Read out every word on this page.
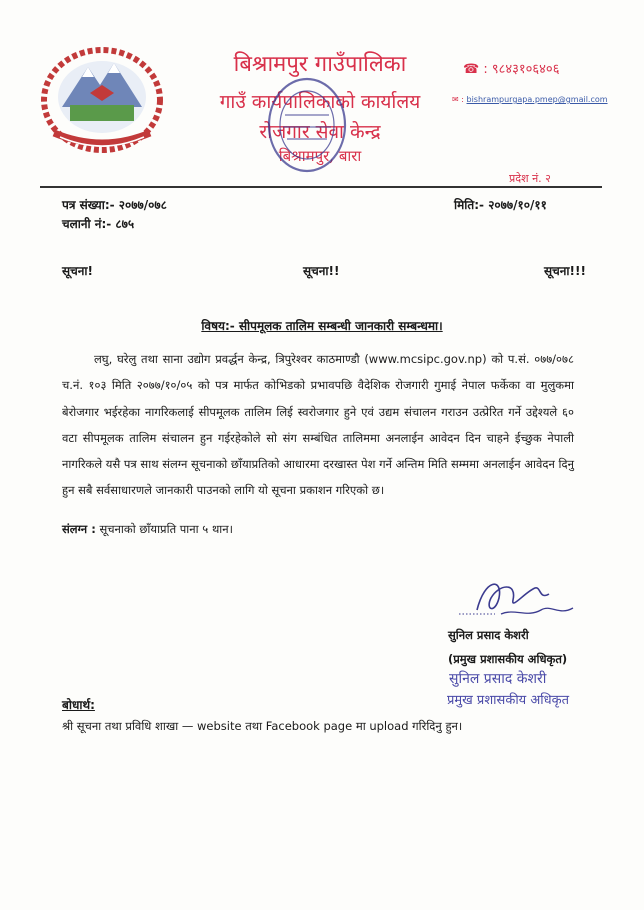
बिश्रामपुर गाउँपालिका
गाउँ कार्यपालिकाको कार्यालय
रोजगार सेवा केन्द्र
बिश्रामपुर, बारा
☎ : ९८४३१०६४०६
✉ : bishrampurgapa.pmep@gmail.com
प्रदेश नं. २
पत्र संख्या:- २०७७/०७८
चलानी नं:- ८७५
मिति:- २०७७/१०/११
सूचना!	सूचना!!	सूचना!!!
विषय:- सीपमूलक तालिम सम्बन्धी जानकारी सम्बन्धमा।

लघु, घरेलु तथा साना उद्योग प्रवर्द्धन केन्द्र, त्रिपुरेश्वर काठमाण्डौ (www.mcsipc.gov.np) को प.सं. ०७७/०७८ च.नं. १०३ मिति २०७७/१०/०५ को पत्र मार्फत कोभिडको प्रभावपछि वैदेशिक रोजगारी गुमाई नेपाल फर्केका वा मुलुकमा बेरोजगार भईरहेका नागरिकलाई सीपमूलक तालिम लिई स्वरोजगार हुने एवं उद्यम संचालन गराउन उत्प्रेरित गर्ने उद्देश्यले ६० वटा सीपमूलक तालिम संचालन हुन गईरहेकोले सो संग सम्बंधित तालिममा अनलाईन आवेदन दिन चाहने ईच्छुक नेपाली नागरिकले यसै पत्र साथ संलग्न सूचनाको छाँयाप्रतिको आधारमा दरखास्त पेश गर्ने अन्तिम मिति सम्ममा अनलाईन आवेदन दिनु हुन सबै सर्वसाधारणले जानकारी पाउनको लागि यो सूचना प्रकाशन गरिएको छ।

संलग्न : सूचनाको छाँयाप्रति पाना ५ थान।
सुनिल प्रसाद केशरी
(प्रमुख प्रशासकीय अधिकृत)
सुनिल प्रसाद केशरी
प्रमुख प्रशासकीय अधिकृत
बोधार्थ:
श्री सूचना तथा प्रविधि शाखा — website तथा Facebook page मा upload गरिदिनु हुन।
